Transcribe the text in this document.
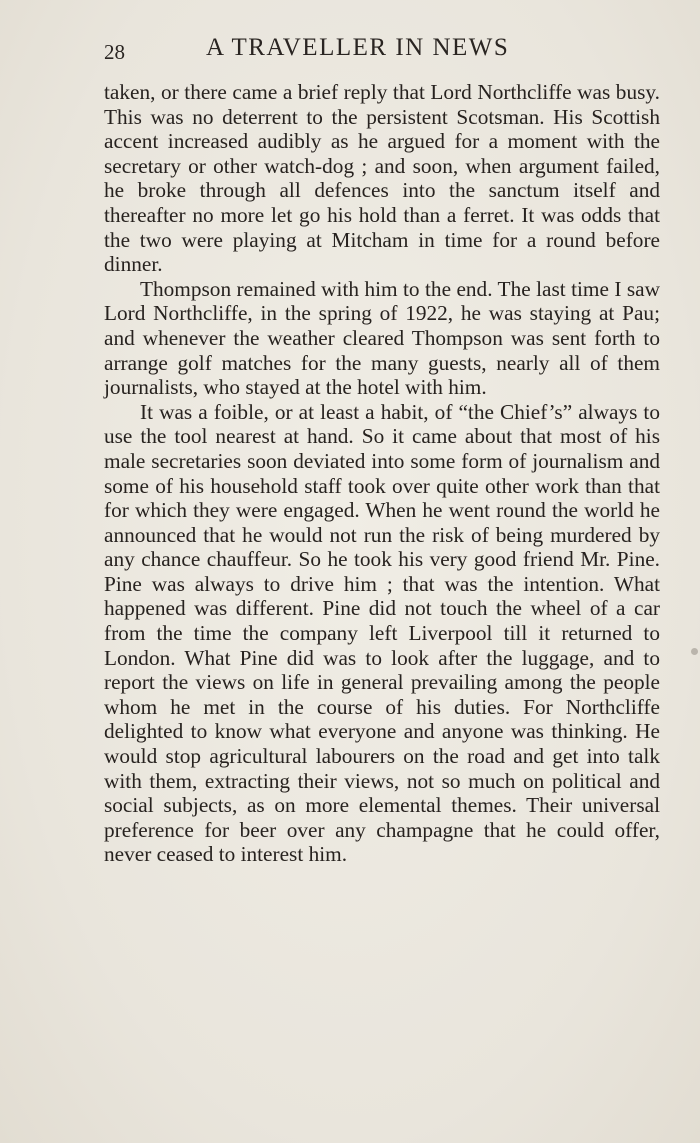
28	A TRAVELLER IN NEWS

taken, or there came a brief reply that Lord Northcliffe was busy. This was no deterrent to the persistent Scotsman. His Scottish accent increased audibly as he argued for a moment with the secretary or other watch-dog ; and soon, when argument failed, he broke through all defences into the sanctum itself and thereafter no more let go his hold than a ferret. It was odds that the two were playing at Mitcham in time for a round before dinner.

Thompson remained with him to the end. The last time I saw Lord Northcliffe, in the spring of 1922, he was staying at Pau; and whenever the weather cleared Thompson was sent forth to arrange golf matches for the many guests, nearly all of them journalists, who stayed at the hotel with him.

It was a foible, or at least a habit, of “the Chief’s” always to use the tool nearest at hand. So it came about that most of his male secretaries soon deviated into some form of journalism and some of his household staff took over quite other work than that for which they were engaged. When he went round the world he announced that he would not run the risk of being murdered by any chance chauffeur. So he took his very good friend Mr. Pine. Pine was always to drive him ; that was the intention. What happened was different. Pine did not touch the wheel of a car from the time the company left Liverpool till it returned to London. What Pine did was to look after the luggage, and to report the views on life in general prevailing among the people whom he met in the course of his duties. For Northcliffe delighted to know what everyone and anyone was thinking. He would stop agricultural labourers on the road and get into talk with them, extracting their views, not so much on political and social subjects, as on more elemental themes. Their universal preference for beer over any champagne that he could offer, never ceased to interest him.
